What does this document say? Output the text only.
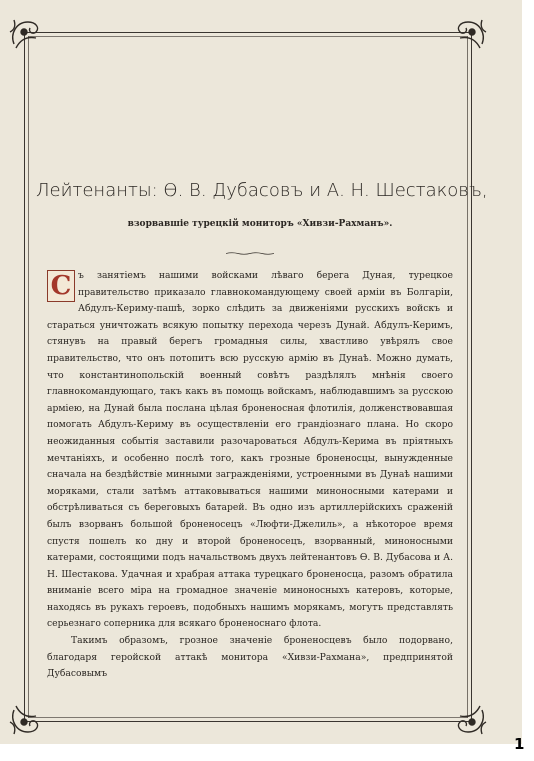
Лейтенанты: Ѳ. В. Дубасовъ и А. Н. Шестаковъ,
взорвавшіе турецкій мониторъ «Хивзи-Рахманъ».

С ъ занятіемъ нашими войсками лѣваго берега Дуная, турецкое правительство приказало главнокомандующему своей арміи въ Болгаріи, Абдулъ-Кериму-пашѣ, зорко слѣдить за движеніями русскихъ войскъ и стараться уничтожать всякую попытку перехода черезъ Дунай. Абдулъ-Керимъ, стянувъ на правый берегъ громадныя силы, хвастливо увѣрялъ свое правительство, что онъ потопитъ всю русскую армію въ Дунаѣ. Можно думать, что константинопольскій военный совѣтъ раздѣлялъ мнѣнія своего главнокомандующаго, такъ какъ въ помощь войскамъ, наблюдавшимъ за русскою арміею, на Дунай была послана цѣлая броненосная флотилія, долженствовавшая помогать Абдулъ-Кериму въ осуществленіи его грандіознаго плана. Но скоро неожиданныя событія заставили разочароваться Абдулъ-Керима въ пріятныхъ мечтаніяхъ, и особенно послѣ того, какъ грозные броненосцы, вынужденные сначала на бездѣйствіе минными загражденіями, устроенными въ Дунаѣ нашими моряками, стали затѣмъ аттаковываться нашими миноносными катерами и обстрѣливаться съ береговыхъ батарей. Въ одно изъ артиллерійскихъ сраженій былъ взорванъ большой броненосецъ «Люфти-Джелиль», а нѣкоторое время спустя пошелъ ко дну и второй броненосецъ, взорванный, миноносными катерами, состоящими подъ начальствомъ двухъ лейтенантовъ Ѳ. В. Дубасова и А. Н. Шестакова. Удачная и храбрая аттака турецкаго броненосца, разомъ обратила вниманіе всего міра на громадное значеніе миноносныхъ катеровъ, которые, находясь въ рукахъ героевъ, подобныхъ нашимъ морякамъ, могутъ представлять серьезнаго соперника для всякаго броненоснаго флота.

Такимъ образомъ, грозное значеніе броненосцевъ было подорвано, благодаря геройской аттакѣ монитора «Хивзи-Рахмана», предпринятой Дубасовымъ

1
